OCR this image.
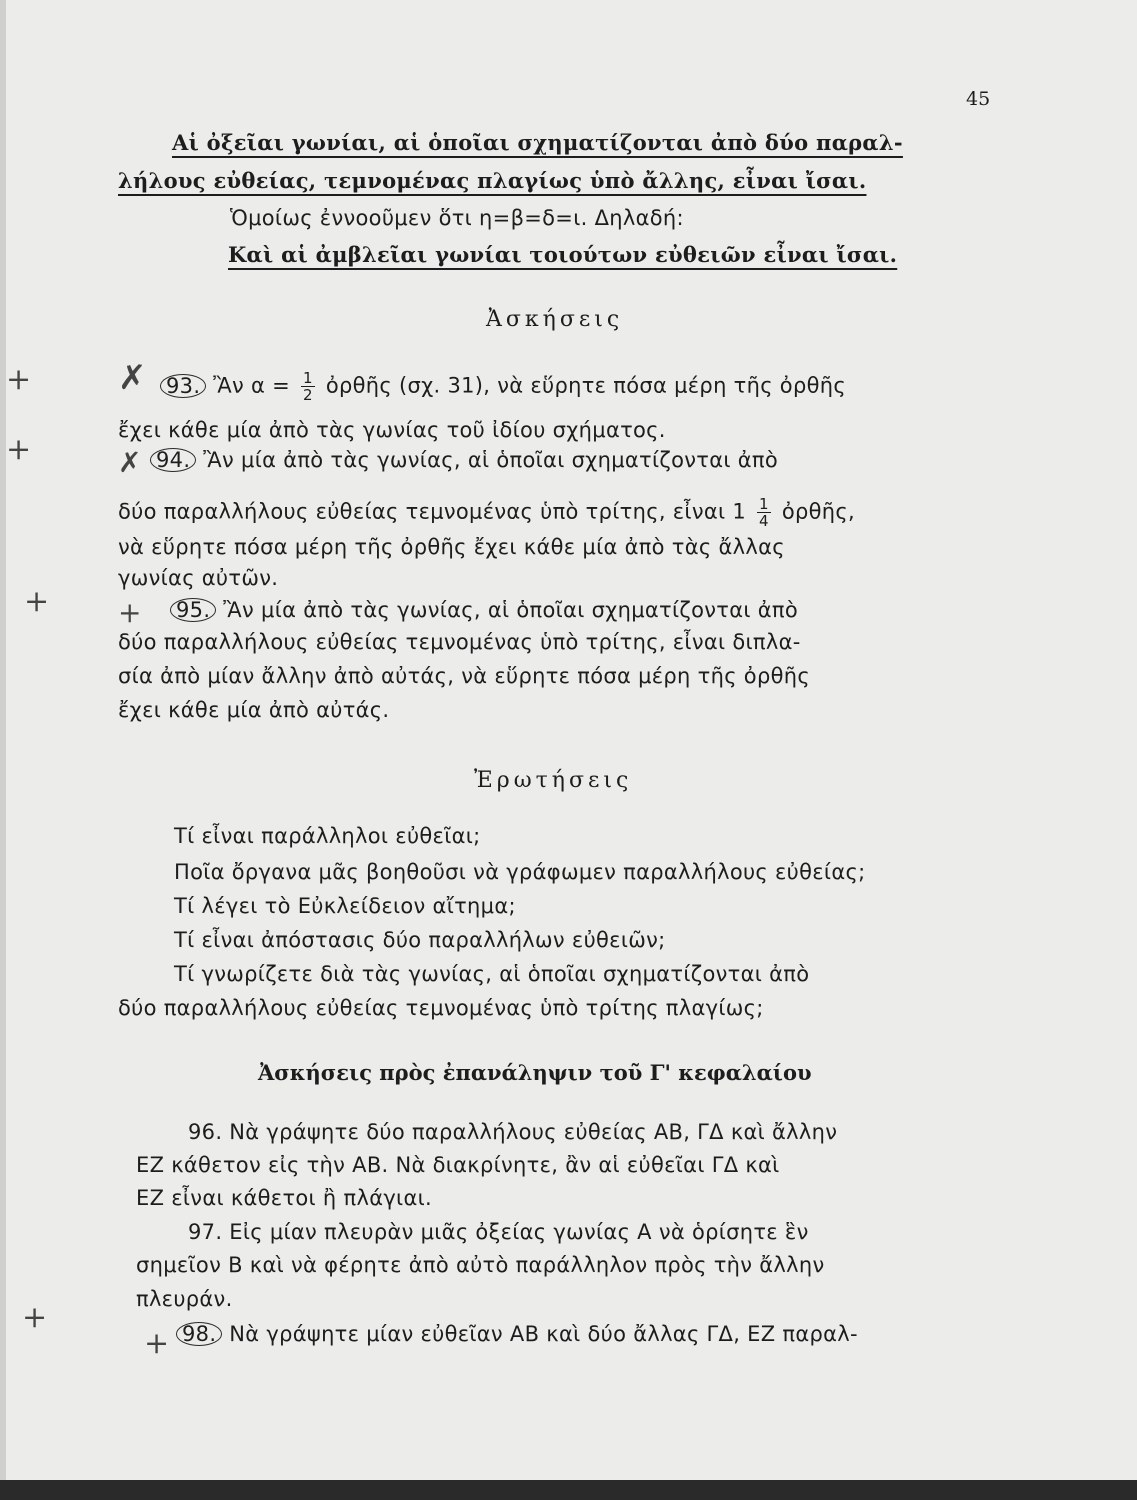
45
Αἱ ὀξεῖαι γωνίαι, αἱ ὁποῖαι σχηματίζονται ἀπὸ δύο παραλ-
λήλους εὐθείας, τεμνομένας πλαγίως ὑπὸ ἄλλης, εἶναι ἴσαι.
Ὁμοίως ἐννοοῦμεν ὅτι η=β=δ=ι. Δηλαδή:
Καὶ αἱ ἀμβλεῖαι γωνίαι τοιούτων εὐθειῶν εἶναι ἴσαι.
Ἀσκήσεις
+	✗ 93. Ἂν $\alpha = \frac{1}{2}$ ὀρθῆς (σχ. 31), νὰ εὕρητε πόσα μέρη τῆς ὀρθῆς
ἔχει κάθε μία ἀπὸ τὰς γωνίας τοῦ ἰδίου σχήματος.
+	✗ 94. Ἂν μία ἀπὸ τὰς γωνίας, αἱ ὁποῖαι σχηματίζονται ἀπὸ
δύο παραλλήλους εὐθείας τεμνομένας ὑπὸ τρίτης, εἶναι $1 \frac{1}{4}$ ὀρθῆς,
νὰ εὕρητε πόσα μέρη τῆς ὀρθῆς ἔχει κάθε μία ἀπὸ τὰς ἄλλας
γωνίας αὐτῶν.
+ + 95. Ἂν μία ἀπὸ τὰς γωνίας, αἱ ὁποῖαι σχηματίζονται ἀπὸ
δύο παραλλήλους εὐθείας τεμνομένας ὑπὸ τρίτης, εἶναι διπλα-
σία ἀπὸ μίαν ἄλλην ἀπὸ αὐτάς, νὰ εὕρητε πόσα μέρη τῆς ὀρθῆς
ἔχει κάθε μία ἀπὸ αὐτάς.
Ἐρωτήσεις
Τί εἶναι παράλληλοι εὐθεῖαι;
Ποῖα ὄργανα μᾶς βοηθοῦσι νὰ γράφωμεν παραλλήλους εὐθείας;
Τί λέγει τὸ Εὐκλείδειον αἴτημα;
Τί εἶναι ἀπόστασις δύο παραλλήλων εὐθειῶν;
Τί γνωρίζετε διὰ τὰς γωνίας, αἱ ὁποῖαι σχηματίζονται ἀπὸ
δύο παραλλήλους εὐθείας τεμνομένας ὑπὸ τρίτης πλαγίως;
Ἀσκήσεις πρὸς ἐπανάληψιν τοῦ Γ' κεφαλαίου
96. Νὰ γράψητε δύο παραλλήλους εὐθείας ΑΒ, ΓΔ καὶ ἄλλην
ΕΖ κάθετον εἰς τὴν ΑΒ. Νὰ διακρίνητε, ἂν αἱ εὐθεῖαι ΓΔ καὶ
ΕΖ εἶναι κάθετοι ἢ πλάγιαι.
97. Εἰς μίαν πλευρὰν μιᾶς ὀξείας γωνίας Α νὰ ὁρίσητε ἓν
σημεῖον Β καὶ νὰ φέρητε ἀπὸ αὐτὸ παράλληλον πρὸς τὴν ἄλλην
πλευράν.
+
+ 98. Νὰ γράψητε μίαν εὐθεῖαν ΑΒ καὶ δύο ἄλλας ΓΔ, ΕΖ παραλ-
